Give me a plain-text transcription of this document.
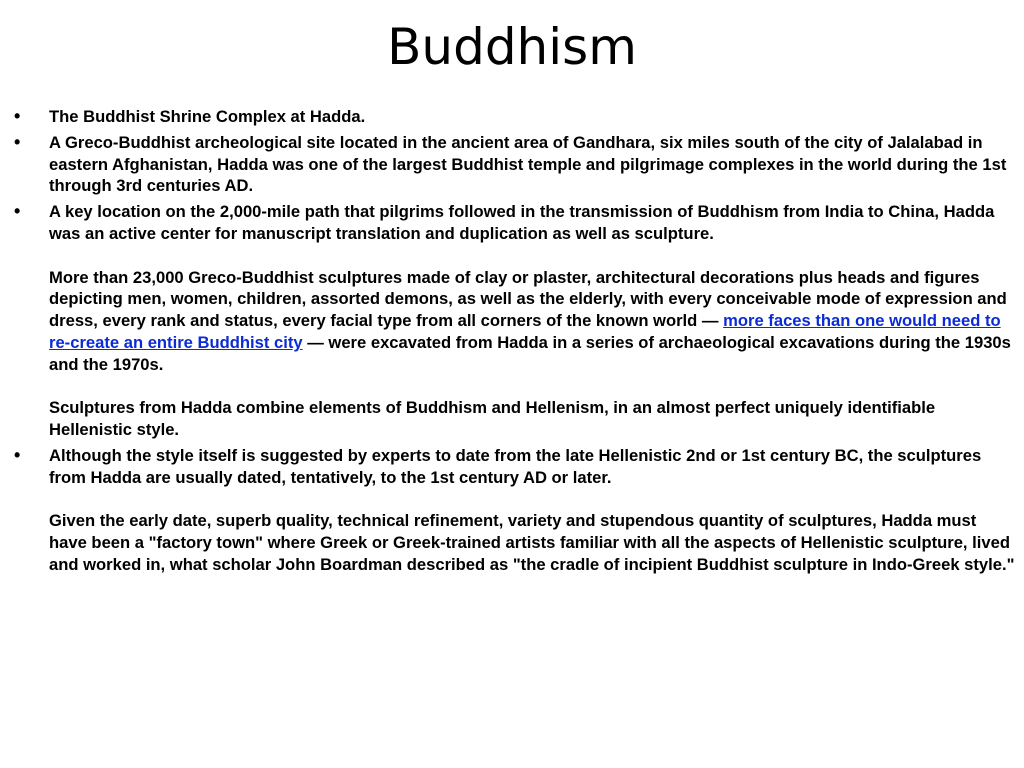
Buddhism
•	The Buddhist Shrine Complex at Hadda.
•	A Greco-Buddhist archeological site located in the ancient area of Gandhara, six miles south of the city of Jalalabad in eastern Afghanistan, Hadda was one of the largest Buddhist temple and pilgrimage complexes in the world during the 1st through 3rd centuries AD.
•	A key location on the 2,000-mile path that pilgrims followed in the transmission of Buddhism from India to China, Hadda was an active center for manuscript translation and duplication as well as sculpture.
More than 23,000 Greco-Buddhist sculptures made of clay or plaster, architectural decorations plus heads and figures depicting men, women, children, assorted demons, as well as the elderly, with every conceivable mode of expression and dress, every rank and status, every facial type from all corners of the known world — more faces than one would need to re-create an entire Buddhist city — were excavated from Hadda in a series of archaeological excavations during the 1930s and the 1970s.
Sculptures from Hadda combine elements of Buddhism and Hellenism, in an almost perfect uniquely identifiable Hellenistic style.
•	Although the style itself is suggested by experts to date from the late Hellenistic 2nd or 1st century BC, the sculptures from Hadda are usually dated, tentatively, to the 1st century AD or later.
Given the early date, superb quality, technical refinement, variety and stupendous quantity of sculptures, Hadda must have been a "factory town" where Greek or Greek-trained artists familiar with all the aspects of Hellenistic sculpture, lived and worked in, what scholar John Boardman described as "the cradle of incipient Buddhist sculpture in Indo-Greek style."
